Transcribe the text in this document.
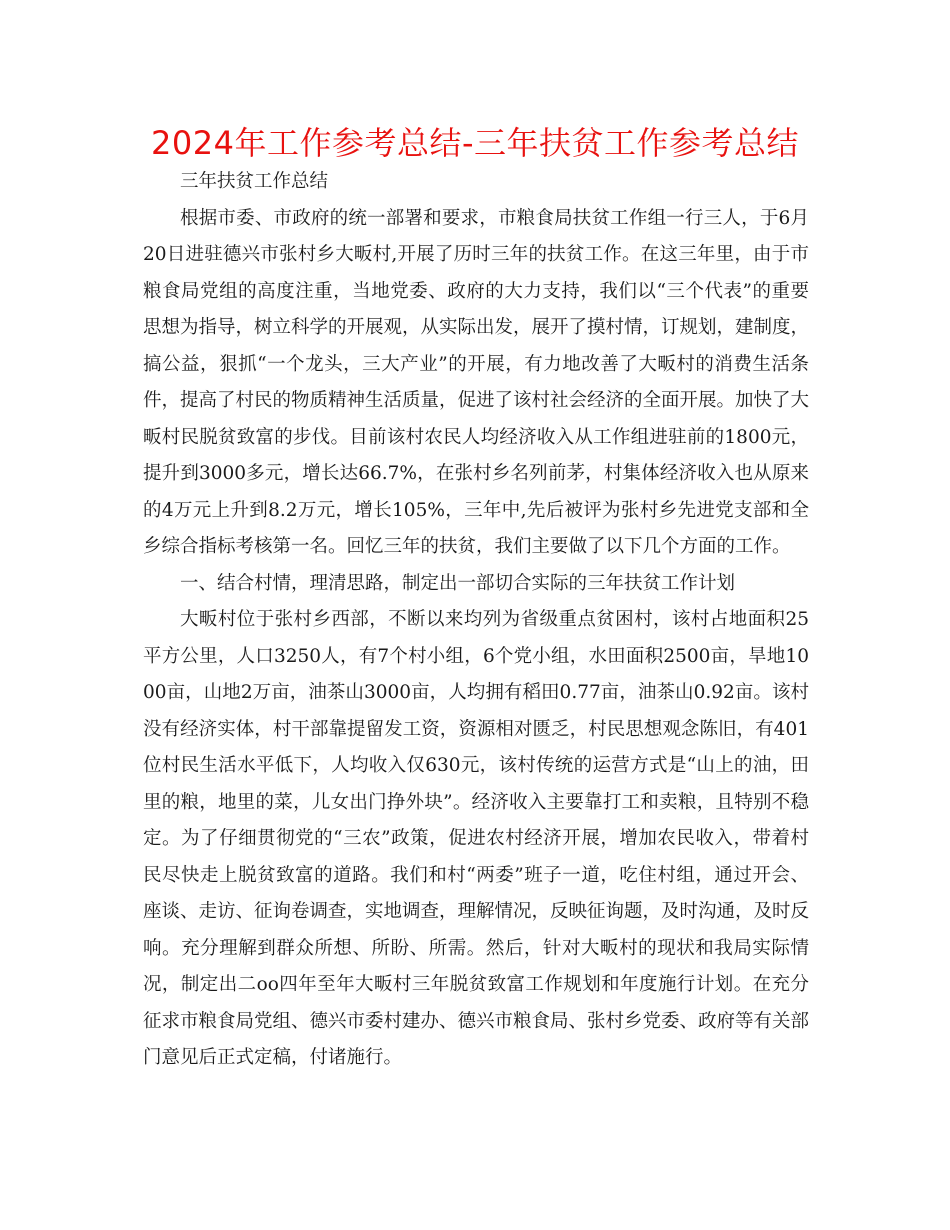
2024年工作参考总结-三年扶贫工作参考总结

三年扶贫工作总结

根据市委、市政府的统一部署和要求，市粮食局扶贫工作组一行三人，于6月20日进驻德兴市张村乡大畈村,开展了历时三年的扶贫工作。在这三年里，由于市粮食局党组的高度注重，当地党委、政府的大力支持，我们以“三个代表”的重要思想为指导，树立科学的开展观，从实际出发，展开了摸村情，订规划，建制度，搞公益，狠抓“一个龙头，三大产业”的开展，有力地改善了大畈村的消费生活条件，提高了村民的物质精神生活质量，促进了该村社会经济的全面开展。加快了大畈村民脱贫致富的步伐。目前该村农民人均经济收入从工作组进驻前的1800元，提升到3000多元，增长达66.7%，在张村乡名列前茅，村集体经济收入也从原来的4万元上升到8.2万元，增长105%，三年中,先后被评为张村乡先进党支部和全乡综合指标考核第一名。回忆三年的扶贫，我们主要做了以下几个方面的工作。

一、结合村情，理清思路，制定出一部切合实际的三年扶贫工作计划

大畈村位于张村乡西部，不断以来均列为省级重点贫困村，该村占地面积25平方公里，人口3250人，有7个村小组，6个党小组，水田面积2500亩，旱地1000亩，山地2万亩，油茶山3000亩，人均拥有稻田0.77亩，油茶山0.92亩。该村没有经济实体，村干部靠提留发工资，资源相对匮乏，村民思想观念陈旧，有401位村民生活水平低下，人均收入仅630元，该村传统的运营方式是“山上的油，田里的粮，地里的菜，儿女出门挣外块”。经济收入主要靠打工和卖粮，且特别不稳定。为了仔细贯彻党的“三农”政策，促进农村经济开展，增加农民收入，带着村民尽快走上脱贫致富的道路。我们和村“两委”班子一道，吃住村组，通过开会、座谈、走访、征询卷调查，实地调查，理解情况，反映征询题，及时沟通，及时反响。充分理解到群众所想、所盼、所需。然后，针对大畈村的现状和我局实际情况，制定出二oo四年至年大畈村三年脱贫致富工作规划和年度施行计划。在充分征求市粮食局党组、德兴市委村建办、德兴市粮食局、张村乡党委、政府等有关部门意见后正式定稿，付诸施行。
